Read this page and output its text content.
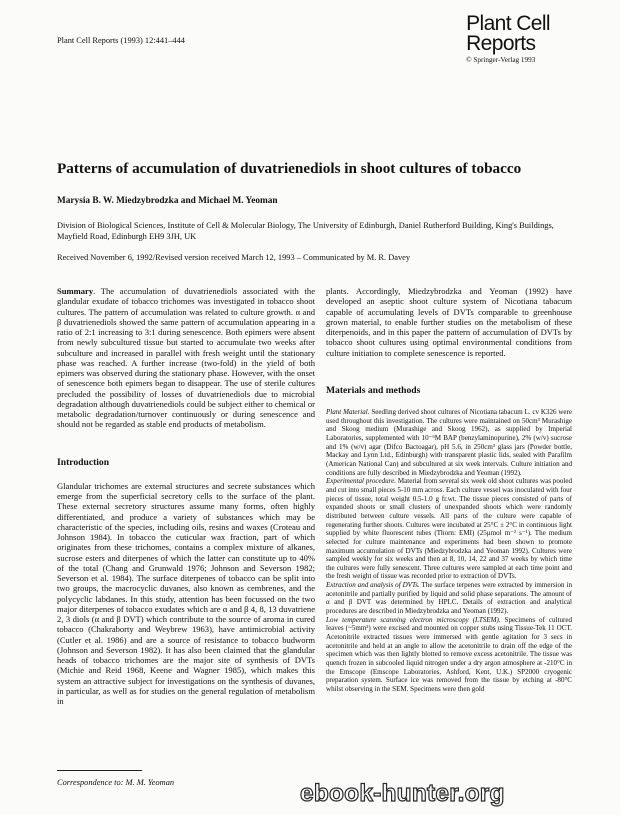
Plant Cell Reports (1993) 12:441–444
Plant Cell
Reports
© Springer-Verlag 1993
Patterns of accumulation of duvatrienediols in shoot cultures of tobacco
Marysia B. W. Miedzybrodzka and Michael M. Yeoman
Division of Biological Sciences, Institute of Cell & Molecular Biology, The University of Edinburgh, Daniel Rutherford Building, King's Buildings, Mayfield Road, Edinburgh EH9 3JH, UK
Received November 6, 1992/Revised version received March 12, 1993 – Communicated by M. R. Davey

Summary. The accumulation of duvatrienediols associated with the glandular exudate of tobacco trichomes was investigated in tobacco shoot cultures. The pattern of accumulation was related to culture growth. α and β duvatrienediols showed the same pattern of accumulation appearing in a ratio of 2:1 increasing to 3:1 during senescence. Both epimers were absent from newly subcultured tissue but started to accumulate two weeks after subculture and increased in parallel with fresh weight until the stationary phase was reached. A further increase (two-fold) in the yield of both epimers was observed during the stationary phase. However, with the onset of senescence both epimers began to disappear. The use of sterile cultures precluded the possibility of losses of duvatrienediols due to microbial degradation although duvatrienediols could be subject either to chemical or metabolic degradation/turnover continuously or during senescence and should not be regarded as stable end products of metabolism.

Introduction

Glandular trichomes are external structures and secrete substances which emerge from the superficial secretory cells to the surface of the plant. These external secretory structures assume many forms, often highly differentiated, and produce a variety of substances which may be characteristic of the species, including oils, resins and waxes (Croteau and Johnson 1984). In tobacco the cuticular wax fraction, part of which originates from these trichomes, contains a complex mixture of alkanes, sucrose esters and diterpenes of which the latter can constitute up to 40% of the total (Chang and Grunwald 1976; Johnson and Severson 1982; Severson et al. 1984). The surface diterpenes of tobacco can be split into two groups, the macrocyclic duvanes, also known as cembrenes, and the polycyclic labdanes. In this study, attention has been focussed on the two major diterpenes of tobacco exudates which are α and β 4, 8, 13 duvatriene 2, 3 diols (α and β DVT) which contribute to the source of aroma in cured tobacco (Chakraborty and Weybrew 1963), have antimicrobial activity (Cutler et al. 1986) and are a source of resistance to tobacco budworm (Johnson and Severson 1982). It has also been claimed that the glandular heads of tobacco trichomes are the major site of synthesis of DVTs (Michie and Reid 1968, Keene and Wagner 1985), which makes this system an attractive subject for investigations on the synthesis of duvanes, in particular, as well as for studies on the general regulation of metabolism in

Correspondence to: M. M. Yeoman

plants. Accordingly, Miedzybrodzka and Yeoman (1992) have developed an aseptic shoot culture system of Nicotiana tabacum capable of accumulating levels of DVTs comparable to greenhouse grown material, to enable further studies on the metabolism of these diterpenoids, and in this paper the pattern of accumulation of DVTs by tobacco shoot cultures using optimal environmental conditions from culture initiation to complete senescence is reported.

Materials and methods

Plant Material. Seedling derived shoot cultures of Nicotiana tabacum L. cv K326 were used throughout this investigation. The cultures were maintained on 50cm³ Murashige and Skoog medium (Murashige and Skoog 1962), as supplied by Imperial Laboratories, supplemented with 10⁻⁶M BAP (benzylaminopurine), 2% (w/v) sucrose and 1% (w/v) agar (Difco Bactoagar), pH 5.6, in 250cm³ glass jars (Powder bottle, Mackay and Lynn Ltd., Edinburgh) with transparent plastic lids, sealed with Parafilm (American National Can) and subcultured at six week intervals. Culture initiation and conditions are fully described in Miedzybrodzka and Yeoman (1992).

Experimental procedure. Material from several six week old shoot cultures was pooled and cut into small pieces 5-10 mm across. Each culture vessel was inoculated with four pieces of tissue, total weight 0.5-1.0 g fr.wt. The tissue pieces consisted of parts of expanded shoots or small clusters of unexpanded shoots which were randomly distributed between culture vessels. All parts of the culture were capable of regenerating further shoots. Cultures were incubated at 25°C ± 2°C in continuous light supplied by white fluorescent tubes (Thorn: EMI) (25μmol m⁻² s⁻¹). The medium selected for culture maintenance and experiments had been shown to promote maximum accumulation of DVTs (Miedzybrodzka and Yeoman 1992). Cultures were sampled weekly for six weeks and then at 8, 10, 14, 22 and 37 weeks by which time the cultures were fully senescent. Three cultures were sampled at each time point and the fresh weight of tissue was recorded prior to extraction of DVTs.

Extraction and analysis of DVTs. The surface terpenes were extracted by immersion in acetonitrile and partially purified by liquid and solid phase separations. The amount of α and β DVT was determined by HPLC. Details of extraction and analytical procedures are described in Miedzybrodzka and Yeoman (1992).

Low temperature scanning electron microscopy (LTSEM). Specimens of cultured leaves (~5mm²) were excised and mounted on copper stubs using Tissue-Tek 11 OCT. Acetonitrile extracted tissues were immersed with gentle agitation for 3 secs in acetonitrile and held at an angle to allow the acetonitrile to drain off the edge of the specimen which was then lightly blotted to remove excess acetonitrile. The tissue was quench frozen in subcooled liquid nitrogen under a dry argon atmosphere at -210°C in the Emscope (Emscope Laboratories, Ashford, Kent, U.K.) SP2000 cryogenic preparation system. Surface ice was removed from the tissue by etching at -80°C whilst observing in the SEM. Specimens were then gold

ebook-hunter.org
